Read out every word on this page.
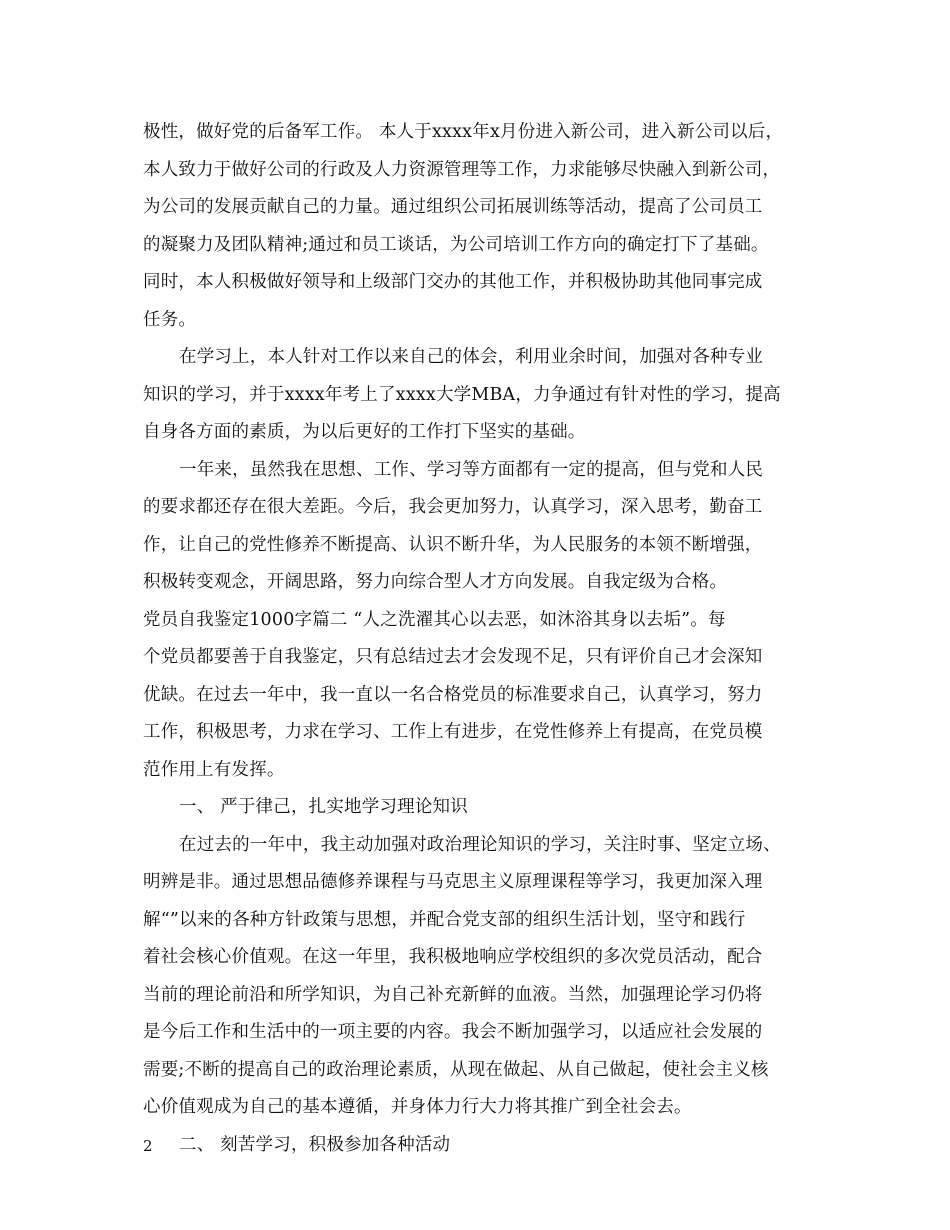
极性，做好党的后备军工作。 本人于xxxx年x月份进入新公司，进入新公司以后，
本人致力于做好公司的行政及人力资源管理等工作，力求能够尽快融入到新公司，
为公司的发展贡献自己的力量。通过组织公司拓展训练等活动，提高了公司员工
的凝聚力及团队精神;通过和员工谈话，为公司培训工作方向的确定打下了基础。
同时，本人积极做好领导和上级部门交办的其他工作，并积极协助其他同事完成
任务。
在学习上，本人针对工作以来自己的体会，利用业余时间，加强对各种专业
知识的学习，并于xxxx年考上了xxxx大学MBA，力争通过有针对性的学习，提高
自身各方面的素质，为以后更好的工作打下坚实的基础。
一年来，虽然我在思想、工作、学习等方面都有一定的提高，但与党和人民
的要求都还存在很大差距。今后，我会更加努力，认真学习，深入思考，勤奋工
作，让自己的党性修养不断提高、认识不断升华，为人民服务的本领不断增强，
积极转变观念，开阔思路，努力向综合型人才方向发展。自我定级为合格。
党员自我鉴定1000字篇二 “人之洗濯其心以去恶，如沐浴其身以去垢”。每
个党员都要善于自我鉴定，只有总结过去才会发现不足，只有评价自己才会深知
优缺。在过去一年中，我一直以一名合格党员的标准要求自己，认真学习，努力
工作，积极思考，力求在学习、工作上有进步，在党性修养上有提高，在党员模
范作用上有发挥。
一、 严于律己，扎实地学习理论知识
在过去的一年中，我主动加强对政治理论知识的学习，关注时事、坚定立场、
明辨是非。通过思想品德修养课程与马克思主义原理课程等学习，我更加深入理
解“”以来的各种方针政策与思想，并配合党支部的组织生活计划，坚守和践行
着社会核心价值观。在这一年里，我积极地响应学校组织的多次党员活动，配合
当前的理论前沿和所学知识，为自己补充新鲜的血液。当然，加强理论学习仍将
是今后工作和生活中的一项主要的内容。我会不断加强学习，以适应社会发展的
需要;不断的提高自己的政治理论素质，从现在做起、从自己做起，使社会主义核
心价值观成为自己的基本遵循，并身体力行大力将其推广到全社会去。
二、 刻苦学习，积极参加各种活动
2
